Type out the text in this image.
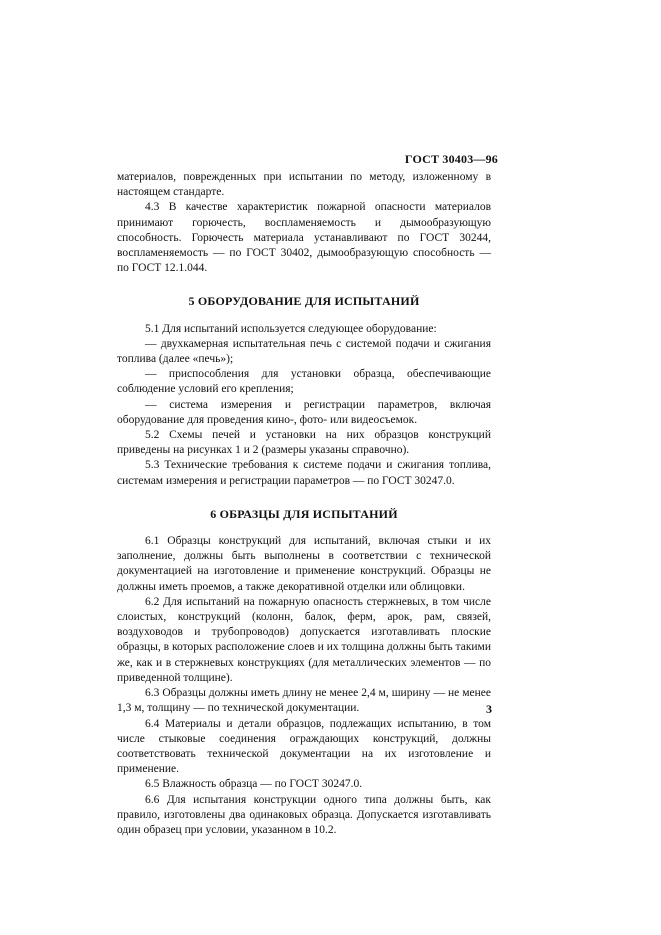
ГОСТ 30403—96

материалов, поврежденных при испытании по методу, изложенному в настоящем стандарте.

4.3 В качестве характеристик пожарной опасности материалов принимают горючесть, воспламеняемость и дымообразующую способность. Горючесть материала устанавливают по ГОСТ 30244, воспламеняемость — по ГОСТ 30402, дымообразующую способность — по ГОСТ 12.1.044.

5 ОБОРУДОВАНИЕ ДЛЯ ИСПЫТАНИЙ

5.1 Для испытаний используется следующее оборудование:

— двухкамерная испытательная печь с системой подачи и сжигания топлива (далее «печь»);

— приспособления для установки образца, обеспечивающие соблюдение условий его крепления;

— система измерения и регистрации параметров, включая оборудование для проведения кино-, фото- или видеосъемок.

5.2 Схемы печей и установки на них образцов конструкций приведены на рисунках 1 и 2 (размеры указаны справочно).

5.3 Технические требования к системе подачи и сжигания топлива, системам измерения и регистрации параметров — по ГОСТ 30247.0.

6 ОБРАЗЦЫ ДЛЯ ИСПЫТАНИЙ

6.1 Образцы конструкций для испытаний, включая стыки и их заполнение, должны быть выполнены в соответствии с технической документацией на изготовление и применение конструкций. Образцы не должны иметь проемов, а также декоративной отделки или облицовки.

6.2 Для испытаний на пожарную опасность стержневых, в том числе слоистых, конструкций (колонн, балок, ферм, арок, рам, связей, воздуховодов и трубопроводов) допускается изготавливать плоские образцы, в которых расположение слоев и их толщина должны быть такими же, как и в стержневых конструкциях (для металлических элементов — по приведенной толщине).

6.3 Образцы должны иметь длину не менее 2,4 м, ширину — не менее 1,3 м, толщину — по технической документации.

6.4 Материалы и детали образцов, подлежащих испытанию, в том числе стыковые соединения ограждающих конструкций, должны соответствовать технической документации на их изготовление и применение.

6.5 Влажность образца — по ГОСТ 30247.0.

6.6 Для испытания конструкции одного типа должны быть, как правило, изготовлены два одинаковых образца. Допускается изготавливать один образец при условии, указанном в 10.2.

3
